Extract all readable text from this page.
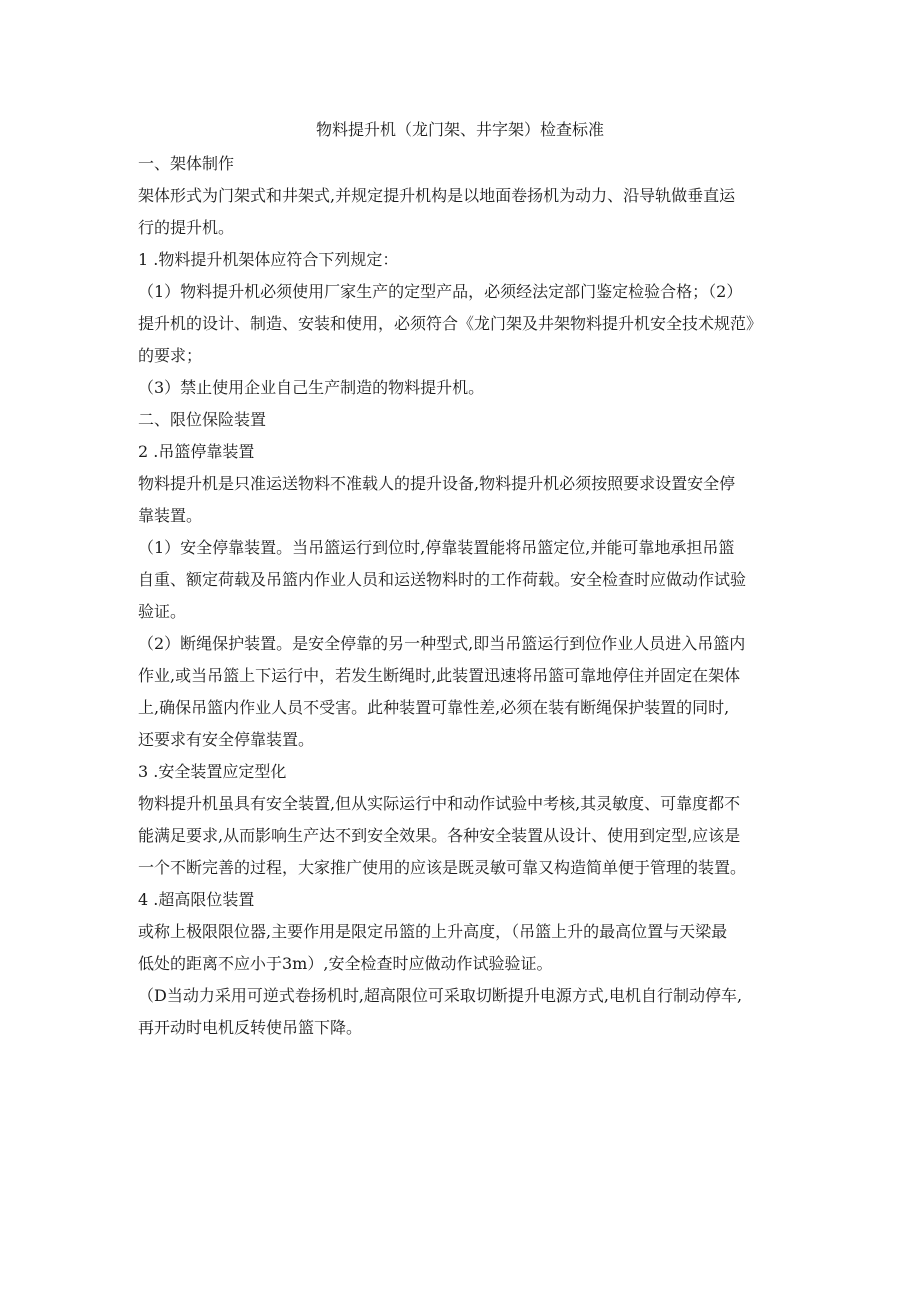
物料提升机（龙门架、井字架）检查标准
一、架体制作
架体形式为门架式和井架式,并规定提升机构是以地面卷扬机为动力、沿导轨做垂直运
行的提升机。
1 .物料提升机架体应符合下列规定：
（1）物料提升机必须使用厂家生产的定型产品，必须经法定部门鉴定检验合格；（2）
提升机的设计、制造、安装和使用，必须符合《龙门架及井架物料提升机安全技术规范》
的要求；
（3）禁止使用企业自己生产制造的物料提升机。
二、限位保险装置
2 .吊篮停靠装置
物料提升机是只准运送物料不准载人的提升设备,物料提升机必须按照要求设置安全停
靠装置。
（1）安全停靠装置。当吊篮运行到位时,停靠装置能将吊篮定位,并能可靠地承担吊篮
自重、额定荷载及吊篮内作业人员和运送物料时的工作荷载。安全检查时应做动作试验
验证。
（2）断绳保护装置。是安全停靠的另一种型式,即当吊篮运行到位作业人员进入吊篮内
作业,或当吊篮上下运行中，若发生断绳时,此装置迅速将吊篮可靠地停住并固定在架体
上,确保吊篮内作业人员不受害。此种装置可靠性差,必须在装有断绳保护装置的同时,
还要求有安全停靠装置。
3 .安全装置应定型化
物料提升机虽具有安全装置,但从实际运行中和动作试验中考核,其灵敏度、可靠度都不
能满足要求,从而影响生产达不到安全效果。各种安全装置从设计、使用到定型,应该是
一个不断完善的过程，大家推广使用的应该是既灵敏可靠又构造简单便于管理的装置。
4 .超高限位装置
或称上极限限位器,主要作用是限定吊篮的上升高度，（吊篮上升的最高位置与天梁最
低处的距离不应小于3m）,安全检查时应做动作试验验证。
（D当动力采用可逆式卷扬机时,超高限位可采取切断提升电源方式,电机自行制动停车,
再开动时电机反转使吊篮下降。
